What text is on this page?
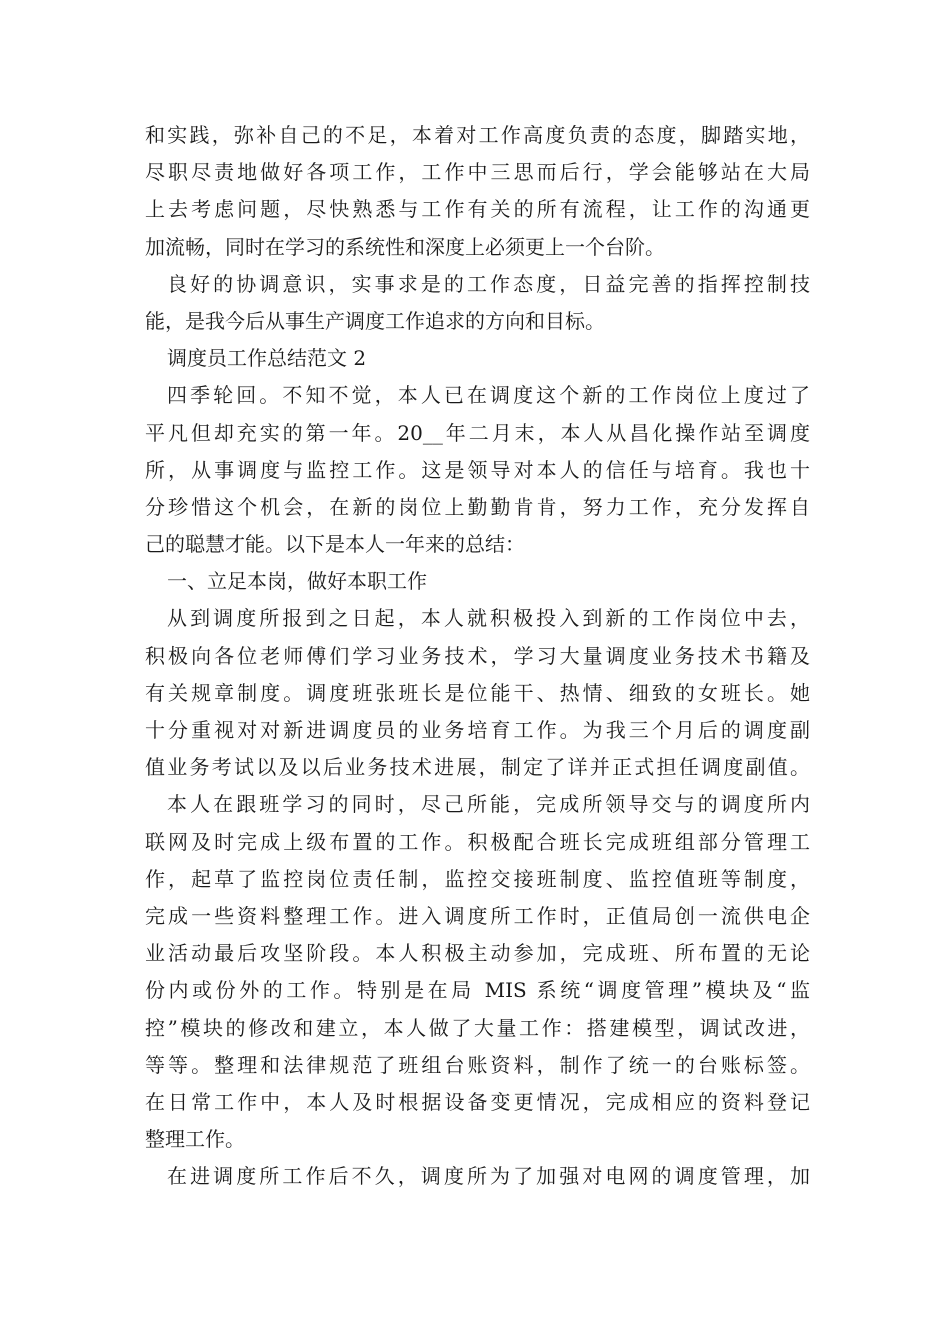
和实践，弥补自己的不足，本着对工作高度负责的态度，脚踏实地，
尽职尽责地做好各项工作，工作中三思而后行，学会能够站在大局
上去考虑问题，尽快熟悉与工作有关的所有流程，让工作的沟通更
加流畅，同时在学习的系统性和深度上必须更上一个台阶。
良好的协调意识，实事求是的工作态度，日益完善的指挥控制技
能，是我今后从事生产调度工作追求的方向和目标。
调度员工作总结范文 2
四季轮回。不知不觉，本人已在调度这个新的工作岗位上度过了
平凡但却充实的第一年。20__年二月末，本人从昌化操作站至调度
所，从事调度与监控工作。这是领导对本人的信任与培育。我也十
分珍惜这个机会，在新的岗位上勤勤肯肯，努力工作，充分发挥自
己的聪慧才能。以下是本人一年来的总结：
一、立足本岗，做好本职工作
从到调度所报到之日起，本人就积极投入到新的工作岗位中去，
积极向各位老师傅们学习业务技术，学习大量调度业务技术书籍及
有关规章制度。调度班张班长是位能干、热情、细致的女班长。她
十分重视对对新进调度员的业务培育工作。为我三个月后的调度副
值业务考试以及以后业务技术进展，制定了详并正式担任调度副值。
本人在跟班学习的同时，尽己所能，完成所领导交与的调度所内
联网及时完成上级布置的工作。积极配合班长完成班组部分管理工
作，起草了监控岗位责任制，监控交接班制度、监控值班等制度，
完成一些资料整理工作。进入调度所工作时，正值局创一流供电企
业活动最后攻坚阶段。本人积极主动参加，完成班、所布置的无论
份内或份外的工作。特别是在局 MIS 系统“调度管理”模块及“监
控”模块的修改和建立，本人做了大量工作：搭建模型，调试改进，
等等。整理和法律规范了班组台账资料，制作了统一的台账标签。
在日常工作中，本人及时根据设备变更情况，完成相应的资料登记
整理工作。
在进调度所工作后不久，调度所为了加强对电网的调度管理，加
